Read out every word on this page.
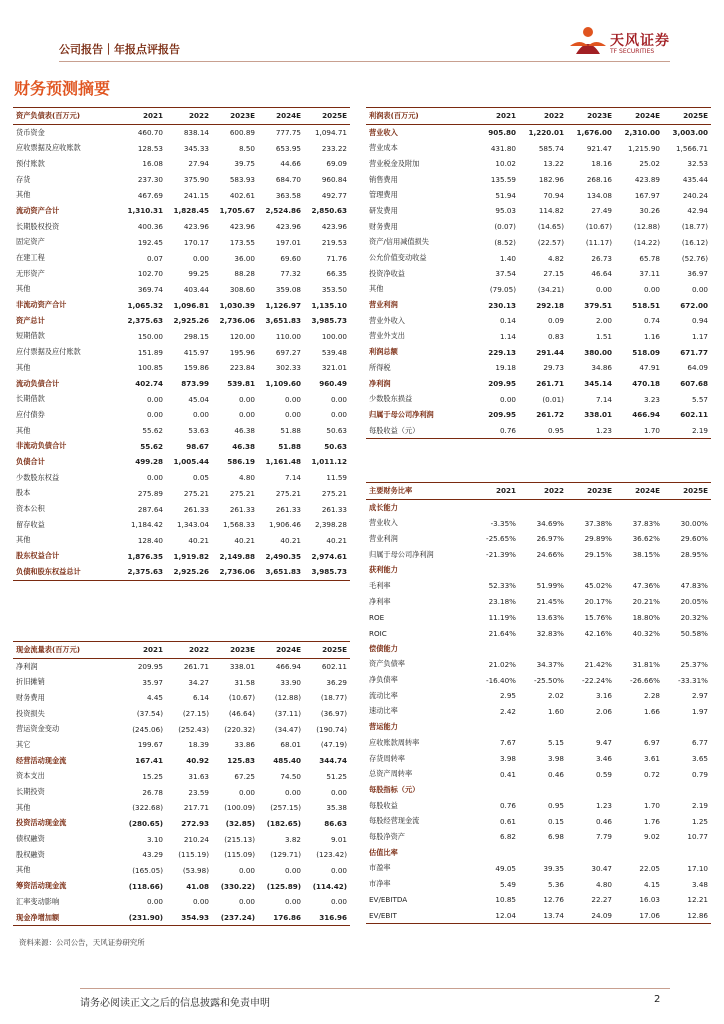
公司报告｜年报点评报告
天风证券
TF SECURITIES
财务预测摘要
资产负债表(百万元)	2021	2022	2023E	2024E	2025E
货币资金	460.70	838.14	600.89	777.75	1,094.71
应收票据及应收账款	128.53	345.33	8.50	653.95	233.22
预付账款	16.08	27.94	39.75	44.66	69.09
存货	237.30	375.90	583.93	684.70	960.84
其他	467.69	241.15	402.61	363.58	492.77
流动资产合计	1,310.31	1,828.45	1,705.67	2,524.86	2,850.63
长期股权投资	400.36	423.96	423.96	423.96	423.96
固定资产	192.45	170.17	173.55	197.01	219.53
在建工程	0.07	0.00	36.00	69.60	71.76
无形资产	102.70	99.25	88.28	77.32	66.35
其他	369.74	403.44	308.60	359.08	353.50
非流动资产合计	1,065.32	1,096.81	1,030.39	1,126.97	1,135.10
资产总计	2,375.63	2,925.26	2,736.06	3,651.83	3,985.73
短期借款	150.00	298.15	120.00	110.00	100.00
应付票据及应付账款	151.89	415.97	195.96	697.27	539.48
其他	100.85	159.86	223.84	302.33	321.01
流动负债合计	402.74	873.99	539.81	1,109.60	960.49
长期借款	0.00	45.04	0.00	0.00	0.00
应付债券	0.00	0.00	0.00	0.00	0.00
其他	55.62	53.63	46.38	51.88	50.63
非流动负债合计	55.62	98.67	46.38	51.88	50.63
负债合计	499.28	1,005.44	586.19	1,161.48	1,011.12
少数股东权益	0.00	0.05	4.80	7.14	11.59
股本	275.89	275.21	275.21	275.21	275.21
资本公积	287.64	261.33	261.33	261.33	261.33
留存收益	1,184.42	1,343.04	1,568.33	1,906.46	2,398.28
其他	128.40	40.21	40.21	40.21	40.21
股东权益合计	1,876.35	1,919.82	2,149.88	2,490.35	2,974.61
负债和股东权益总计	2,375.63	2,925.26	2,736.06	3,651.83	3,985.73
利润表(百万元)	2021	2022	2023E	2024E	2025E
营业收入	905.80	1,220.01	1,676.00	2,310.00	3,003.00
营业成本	431.80	585.74	921.47	1,215.90	1,566.71
营业税金及附加	10.02	13.22	18.16	25.02	32.53
销售费用	135.59	182.96	268.16	423.89	435.44
管理费用	51.94	70.94	134.08	167.97	240.24
研发费用	95.03	114.82	27.49	30.26	42.94
财务费用	(0.07)	(14.65)	(10.67)	(12.88)	(18.77)
资产/信用减值损失	(8.52)	(22.57)	(11.17)	(14.22)	(16.12)
公允价值变动收益	1.40	4.82	26.73	65.78	(52.76)
投资净收益	37.54	27.15	46.64	37.11	36.97
其他	(79.05)	(34.21)	0.00	0.00	0.00
营业利润	230.13	292.18	379.51	518.51	672.00
营业外收入	0.14	0.09	2.00	0.74	0.94
营业外支出	1.14	0.83	1.51	1.16	1.17
利润总额	229.13	291.44	380.00	518.09	671.77
所得税	19.18	29.73	34.86	47.91	64.09
净利润	209.95	261.71	345.14	470.18	607.68
少数股东损益	0.00	(0.01)	7.14	3.23	5.57
归属于母公司净利润	209.95	261.72	338.01	466.94	602.11
每股收益（元）	0.76	0.95	1.23	1.70	2.19
主要财务比率	2021	2022	2023E	2024E	2025E
成长能力					
营业收入	-3.35%	34.69%	37.38%	37.83%	30.00%
营业利润	-25.65%	26.97%	29.89%	36.62%	29.60%
归属于母公司净利润	-21.39%	24.66%	29.15%	38.15%	28.95%
获利能力					
毛利率	52.33%	51.99%	45.02%	47.36%	47.83%
净利率	23.18%	21.45%	20.17%	20.21%	20.05%
ROE	11.19%	13.63%	15.76%	18.80%	20.32%
ROIC	21.64%	32.83%	42.16%	40.32%	50.58%
偿债能力					
资产负债率	21.02%	34.37%	21.42%	31.81%	25.37%
净负债率	-16.40%	-25.50%	-22.24%	-26.66%	-33.31%
流动比率	2.95	2.02	3.16	2.28	2.97
速动比率	2.42	1.60	2.06	1.66	1.97
营运能力					
应收账款周转率	7.67	5.15	9.47	6.97	6.77
存货周转率	3.98	3.98	3.46	3.61	3.65
总资产周转率	0.41	0.46	0.59	0.72	0.79
每股指标（元）					
每股收益	0.76	0.95	1.23	1.70	2.19
每股经营现金流	0.61	0.15	0.46	1.76	1.25
每股净资产	6.82	6.98	7.79	9.02	10.77
估值比率					
市盈率	49.05	39.35	30.47	22.05	17.10
市净率	5.49	5.36	4.80	4.15	3.48
EV/EBITDA	10.85	12.76	22.27	16.03	12.21
EV/EBIT	12.04	13.74	24.09	17.06	12.86
现金流量表(百万元)	2021	2022	2023E	2024E	2025E
净利润	209.95	261.71	338.01	466.94	602.11
折旧摊销	35.97	34.27	31.58	33.90	36.29
财务费用	4.45	6.14	(10.67)	(12.88)	(18.77)
投资损失	(37.54)	(27.15)	(46.64)	(37.11)	(36.97)
营运资金变动	(245.06)	(252.43)	(220.32)	(34.47)	(190.74)
其它	199.67	18.39	33.86	68.01	(47.19)
经营活动现金流	167.41	40.92	125.83	485.40	344.74
资本支出	15.25	31.63	67.25	74.50	51.25
长期投资	26.78	23.59	0.00	0.00	0.00
其他	(322.68)	217.71	(100.09)	(257.15)	35.38
投资活动现金流	(280.65)	272.93	(32.85)	(182.65)	86.63
债权融资	3.10	210.24	(215.13)	3.82	9.01
股权融资	43.29	(115.19)	(115.09)	(129.71)	(123.42)
其他	(165.05)	(53.98)	0.00	0.00	0.00
筹资活动现金流	(118.66)	41.08	(330.22)	(125.89)	(114.42)
汇率变动影响	0.00	0.00	0.00	0.00	0.00
现金净增加额	(231.90)	354.93	(237.24)	176.86	316.96
资料来源：公司公告，天风证券研究所
请务必阅读正文之后的信息披露和免责申明	2
